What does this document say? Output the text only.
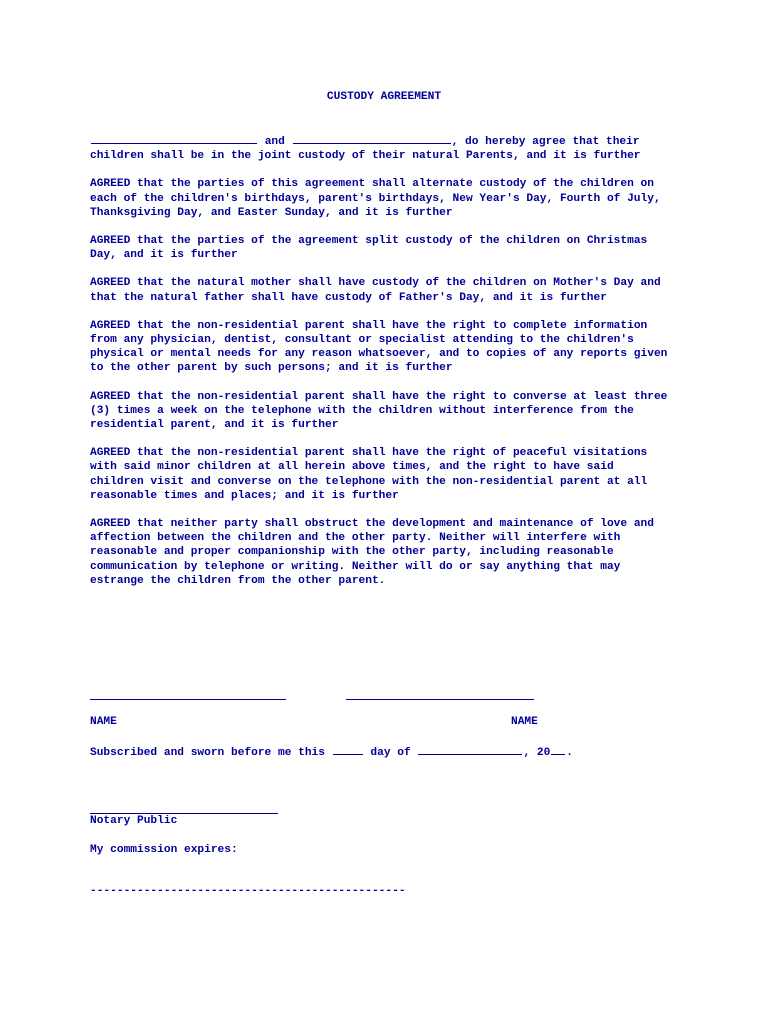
CUSTODY AGREEMENT

and	, do hereby agree that their children shall be in the joint custody of their natural Parents, and it is further

AGREED that the parties of this agreement shall alternate custody of the children on each of the children's birthdays, parent's birthdays, New Year's Day, Fourth of July, Thanksgiving Day, and Easter Sunday, and it is further

AGREED that the parties of the agreement split custody of the children on Christmas Day, and it is further

AGREED that the natural mother shall have custody of the children on Mother's Day and that the natural father shall have custody of Father's Day, and it is further

AGREED that the non-residential parent shall have the right to complete information from any physician, dentist, consultant or specialist attending to the children's physical or mental needs for any reason whatsoever, and to copies of any reports given to the other parent by such persons; and it is further

AGREED that the non-residential parent shall have the right to converse at least three (3) times a week on the telephone with the children without interference from the residential parent, and it is further

AGREED that the non-residential parent shall have the right of peaceful visitations with said minor children at all herein above times, and the right to have said children visit and converse on the telephone with the non-residential parent at all reasonable times and places; and it is further

AGREED that neither party shall obstruct the development and maintenance of love and affection between the children and the other party. Neither will interfere with reasonable and proper companionship with the other party, including reasonable communication by telephone or writing. Neither will do or say anything that may estrange the children from the other parent.

NAME	NAME
Subscribed and sworn before me this	day of	, 20 .
Notary Public
My commission expires:
-----------------------------------------------
